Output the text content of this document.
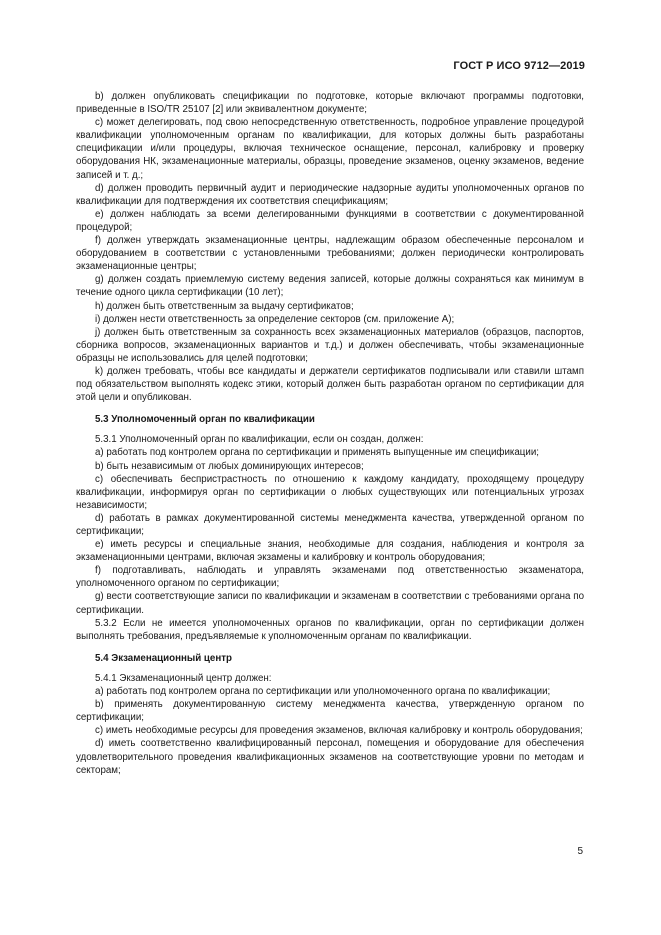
ГОСТ Р ИСО 9712—2019

b) должен опубликовать спецификации по подготовке, которые включают программы подготовки, приведенные в ISO/TR 25107 [2] или эквивалентном документе;

c) может делегировать, под свою непосредственную ответственность, подробное управление процедурой квалификации уполномоченным органам по квалификации, для которых должны быть разработаны спецификации и/или процедуры, включая техническое оснащение, персонал, калибровку и проверку оборудования НК, экзаменационные материалы, образцы, проведение экзаменов, оценку экзаменов, ведение записей и т. д.;

d) должен проводить первичный аудит и периодические надзорные аудиты уполномоченных органов по квалификации для подтверждения их соответствия спецификациям;

e) должен наблюдать за всеми делегированными функциями в соответствии с документированной процедурой;

f) должен утверждать экзаменационные центры, надлежащим образом обеспеченные персоналом и оборудованием в соответствии с установленными требованиями; должен периодически контролировать экзаменационные центры;

g) должен создать приемлемую систему ведения записей, которые должны сохраняться как минимум в течение одного цикла сертификации (10 лет);

h) должен быть ответственным за выдачу сертификатов;

i) должен нести ответственность за определение секторов (см. приложение А);

j) должен быть ответственным за сохранность всех экзаменационных материалов (образцов, паспортов, сборника вопросов, экзаменационных вариантов и т.д.) и должен обеспечивать, чтобы экзаменационные образцы не использовались для целей подготовки;

k) должен требовать, чтобы все кандидаты и держатели сертификатов подписывали или ставили штамп под обязательством выполнять кодекс этики, который должен быть разработан органом по сертификации для этой цели и опубликован.

5.3 Уполномоченный орган по квалификации

5.3.1 Уполномоченный орган по квалификации, если он создан, должен:

а) работать под контролем органа по сертификации и применять выпущенные им спецификации;

b) быть независимым от любых доминирующих интересов;

c) обеспечивать беспристрастность по отношению к каждому кандидату, проходящему процедуру квалификации, информируя орган по сертификации о любых существующих или потенциальных угрозах независимости;

d) работать в рамках документированной системы менеджмента качества, утвержденной органом по сертификации;

e) иметь ресурсы и специальные знания, необходимые для создания, наблюдения и контроля за экзаменационными центрами, включая экзамены и калибровку и контроль оборудования;

f) подготавливать, наблюдать и управлять экзаменами под ответственностью экзаменатора, уполномоченного органом по сертификации;

g) вести соответствующие записи по квалификации и экзаменам в соответствии с требованиями органа по сертификации.

5.3.2 Если не имеется уполномоченных органов по квалификации, орган по сертификации должен выполнять требования, предъявляемые к уполномоченным органам по квалификации.

5.4 Экзаменационный центр

5.4.1 Экзаменационный центр должен:

а) работать под контролем органа по сертификации или уполномоченного органа по квалификации;

b) применять документированную систему менеджмента качества, утвержденную органом по сертификации;

c) иметь необходимые ресурсы для проведения экзаменов, включая калибровку и контроль оборудования;

d) иметь соответственно квалифицированный персонал, помещения и оборудование для обеспечения удовлетворительного проведения квалификационных экзаменов на соответствующие уровни по методам и секторам;

5
